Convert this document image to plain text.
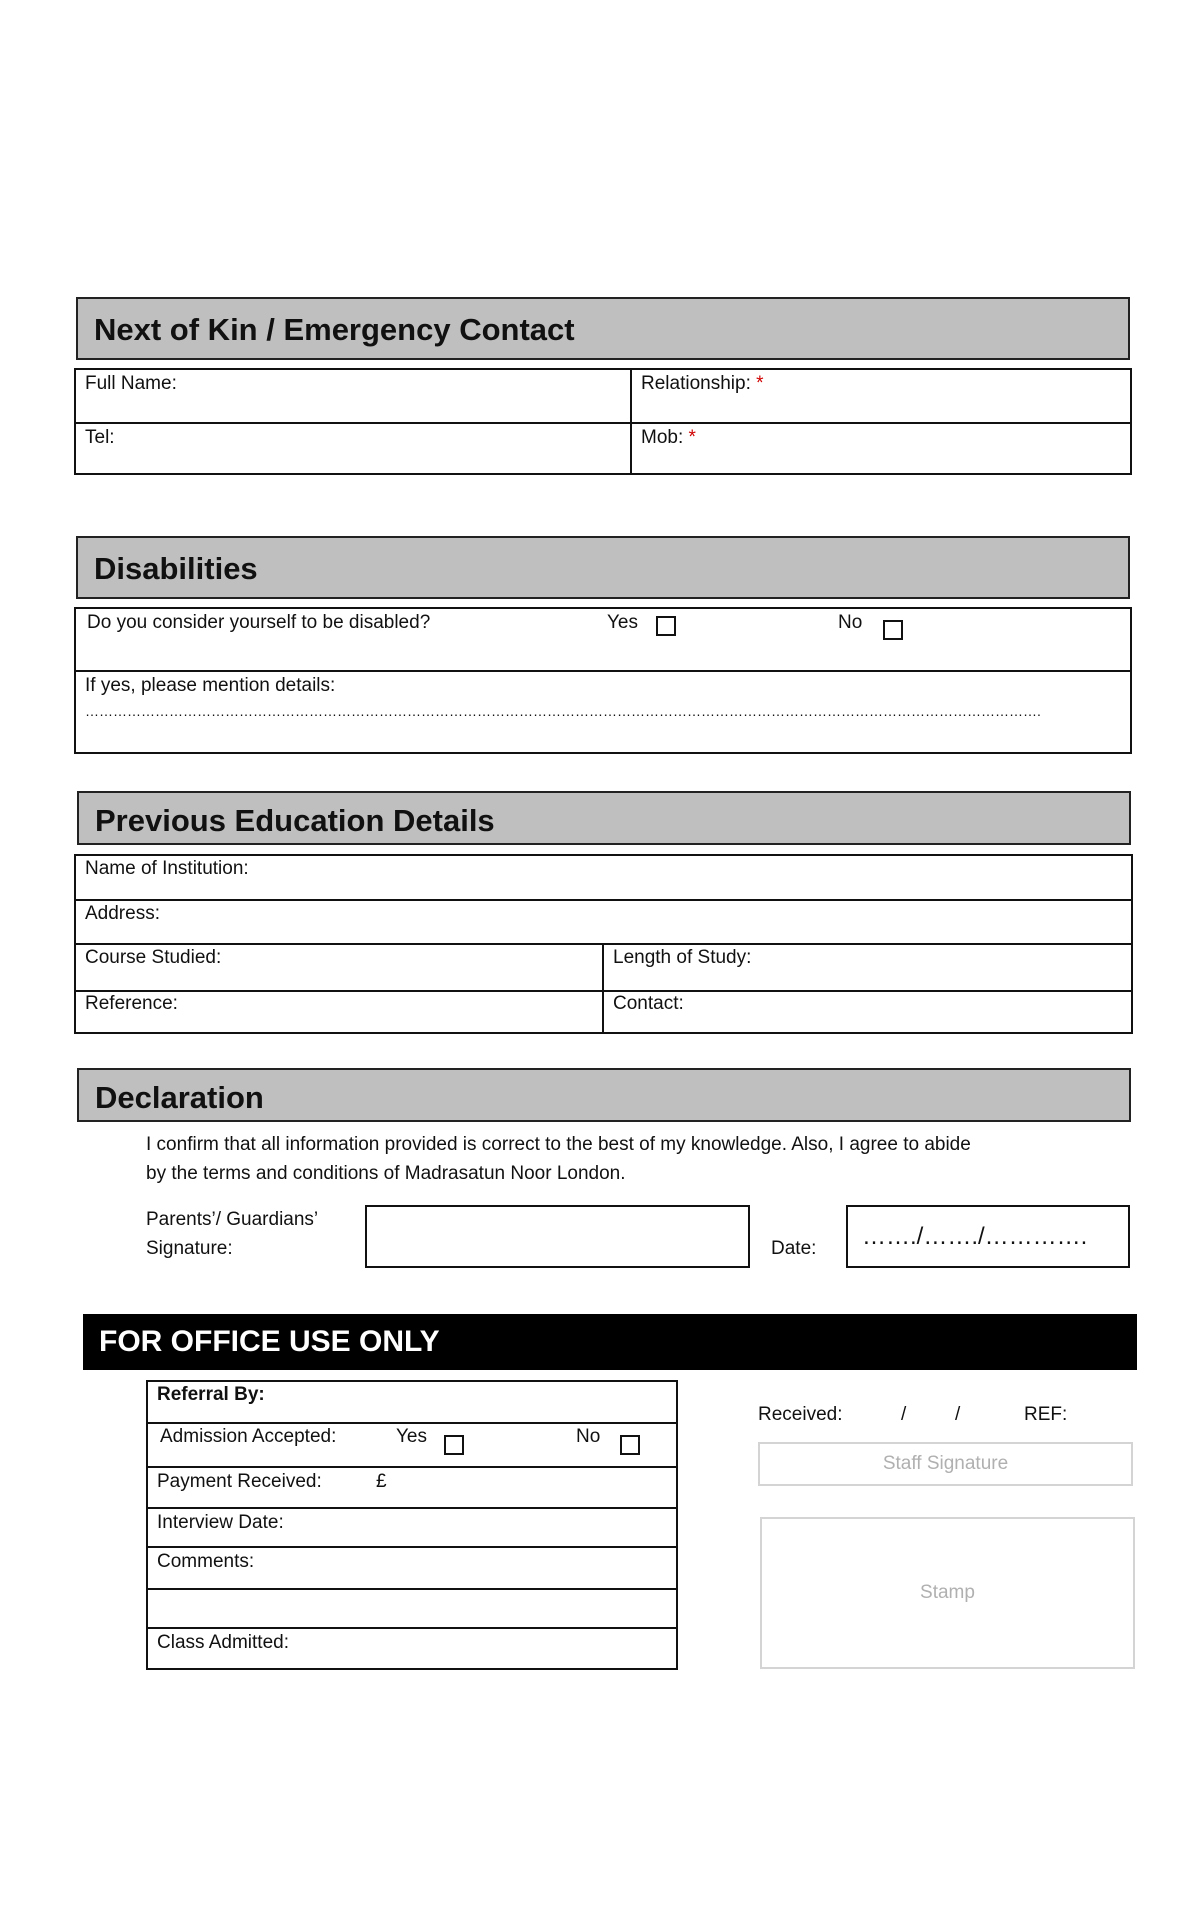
Next of Kin / Emergency Contact
Full Name:	Relationship: *
Tel:	Mob: *
Disabilities
Do you consider yourself to be disabled?	Yes	No
If yes, please mention details:
…………………………………………………………………………………………………………………………………………………………………………………….
Previous Education Details
Name of Institution:
Address:
Course Studied:	Length of Study:
Reference:	Contact:
Declaration
I confirm that all information provided is correct to the best of my knowledge. Also, I agree to abide
by the terms and conditions of Madrasatun Noor London.
Parents’/ Guardians’
Signature:	Date: ……./……./………….
FOR OFFICE USE ONLY
Referral By:
Admission Accepted:	Yes	No
Payment Received:	£
Interview Date:
Comments:
Class Admitted:
Received:	/	/	REF:
Staff Signature
Stamp
